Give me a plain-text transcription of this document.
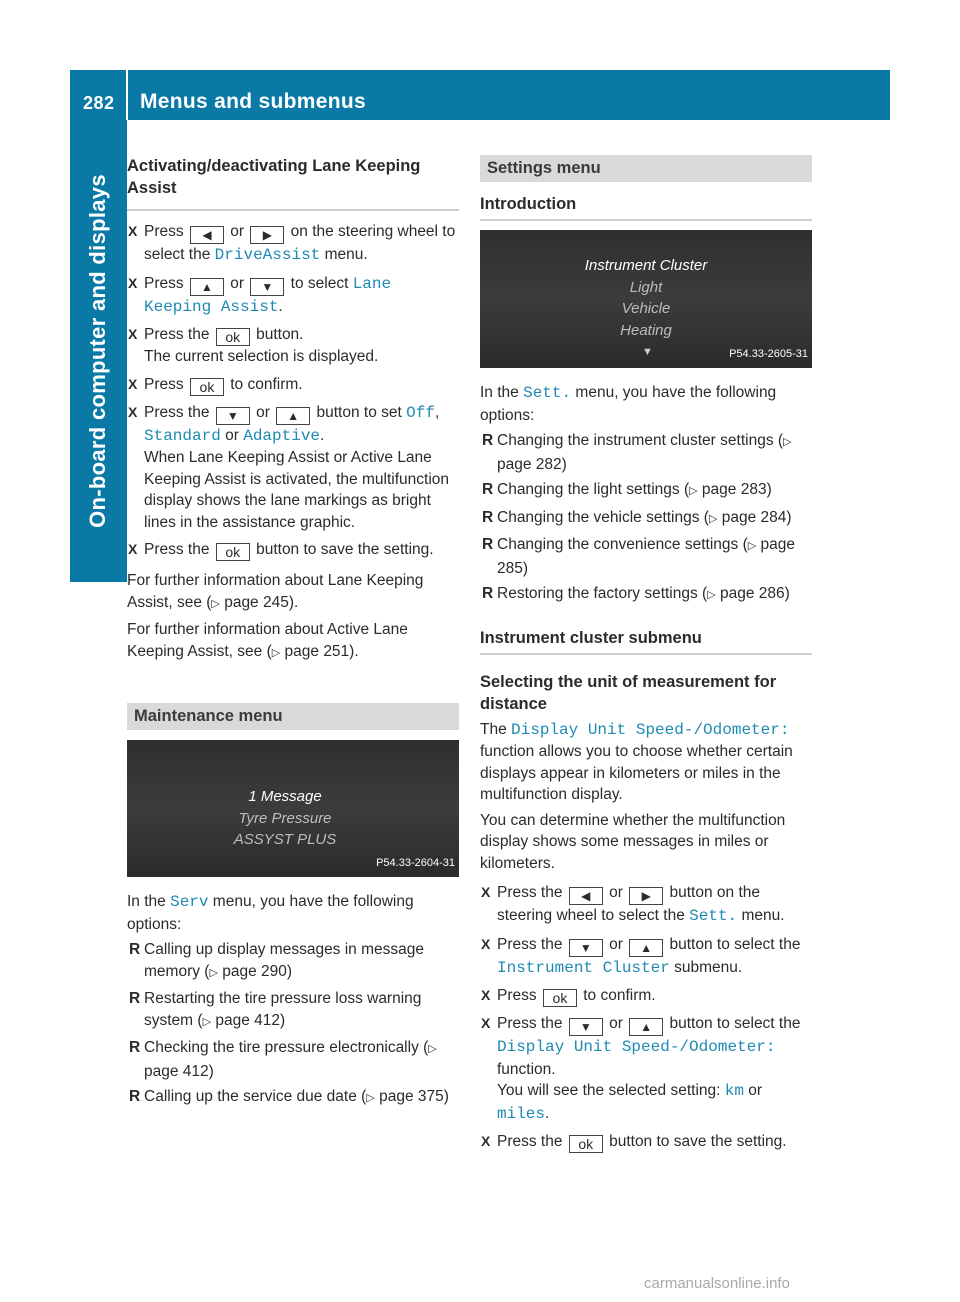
282 Menus and submenus
On-board computer and displays
Activating/deactivating Lane Keeping Assist
X Press ◀ or ▶ on the steering wheel to select the DriveAssist menu.
X Press ▲ or ▼ to select Lane Keeping Assist.
X Press the ok button.
The current selection is displayed.
X Press ok to confirm.
X Press the ▼ or ▲ button to set Off, Standard or Adaptive.
When Lane Keeping Assist or Active Lane Keeping Assist is activated, the multifunction display shows the lane markings as bright lines in the assistance graphic.
X Press the ok button to save the setting.

For further information about Lane Keeping Assist, see (▷ page 245).

For further information about Active Lane Keeping Assist, see (▷ page 251).

Maintenance menu
1 Message
Tyre Pressure
ASSYST PLUS
P54.33-2604-31

In the Serv menu, you have the following options:

R Calling up display messages in message memory (▷ page 290)
R Restarting the tire pressure loss warning system (▷ page 412)
R Checking the tire pressure electronically (▷ page 412)
R Calling up the service due date (▷ page 375)
Settings menu
Introduction
Instrument Cluster
Light
Vehicle
Heating
▼	P54.33-2605-31

In the Sett. menu, you have the following options:

R Changing the instrument cluster settings (▷ page 282)
R Changing the light settings (▷ page 283)
R Changing the vehicle settings (▷ page 284)
R Changing the convenience settings (▷ page 285)
R Restoring the factory settings (▷ page 286)
Instrument cluster submenu
Selecting the unit of measurement for distance

The Display Unit Speed-/Odometer: function allows you to choose whether certain displays appear in kilometers or miles in the multifunction display.

You can determine whether the multifunction display shows some messages in miles or kilometers.

X Press the ◀ or ▶ button on the steering wheel to select the Sett. menu.
X Press the ▼ or ▲ button to select the Instrument Cluster submenu.
X Press ok to confirm.
X Press the ▼ or ▲ button to select the Display Unit Speed-/Odometer: function.
You will see the selected setting: km or miles.
X Press the ok button to save the setting.
carmanualsonline.info
